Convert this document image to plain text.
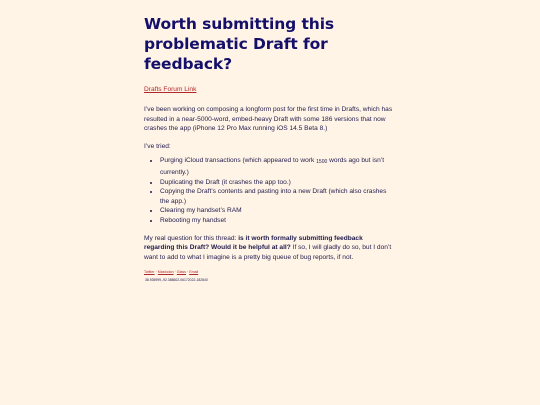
Worth submitting this problematic Draft for feedback?
Drafts Forum Link

I’ve been working on composing a longform post for the first time in Drafts, which has resulted in a near-5000-word, embed-heavy Draft with some 186 versions that now crashes the app (iPhone 12 Pro Max running iOS 14.5 Beta 8.)

I’ve tried:

• Purging iCloud transactions (which appeared to work $_{1500}$ words ago but isn’t currently.)
• Duplicating the Draft (it crashes the app too.)
• Copying the Draft’s contents and pasting into a new Draft (which also crashes the app.)
• Clearing my handset’s RAM
• Rebooting my handset

My real question for this thread: is it worth formally submitting feedback regarding this Draft? Would it be helpful at all? If so, I will gladly do so, but I don’t want to add to what I imagine is a pretty big queue of bug reports, if not.

Twitter · Mastodon · Glass · Email
38.935999,-92.388602-06172022-182840
